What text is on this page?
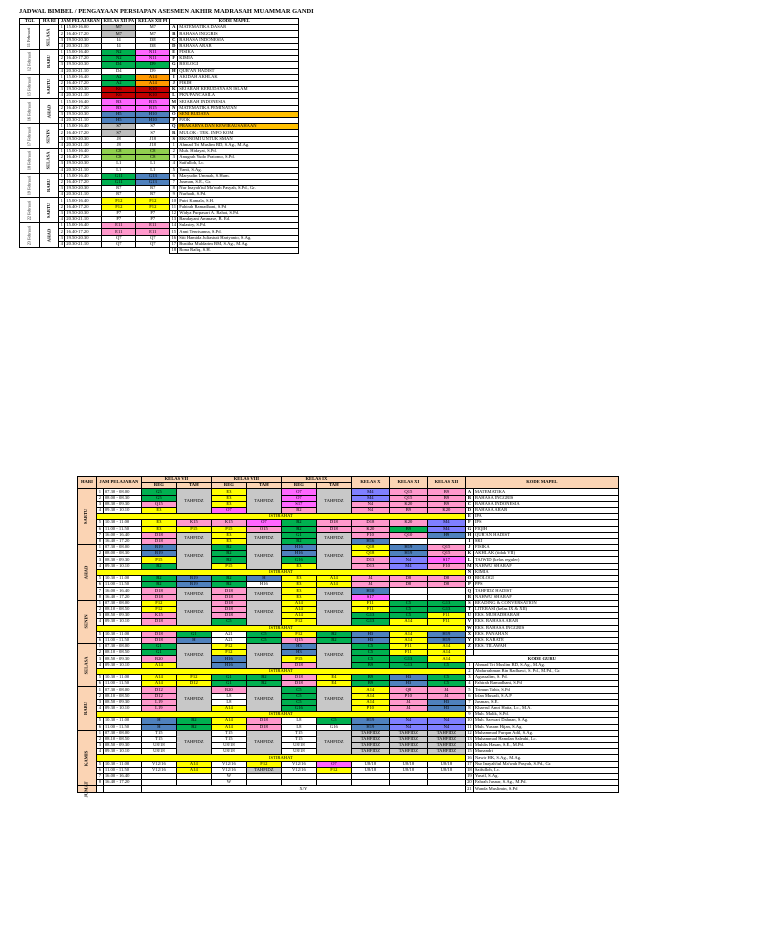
JADWAL BIMBEL / PENGAYAAN PERSIAPAN ASESMEN AKHIR MADRASAH MUAMMAR GANDI
TGL	HA RI	JAM PELAJARAN		KELAS XII PA	KELAS XII PI	KODE MAPEL	
11 Februari	SELASA	1	15.00-16.00	M7	M7	A	MATEMATIKA DASAR
		2	16.40-17.20	M7	M7	B	BAHASA INGGRIS
		3	19.50-20.30	I4	I3E	C	BAHASA INDONESIA
		4	20.30-21.10	I4	I3E	D	BAHASA ARAB
12 Februari	RABU	1	15.00-16.40	N2	N11	E	FISIKA
		2	16.40-17.20	N2	N11	F	KIMIA
		3	19.50-20.30	D4	D9	G	BIOLOGI
		4	20.30-21.10	D4	D9	H	QUR'AN HADIST
15 Februari	SABTU	1	15.00-16.40	A2	A14	I	AKIDAH AKHLAK
		2	16.40-17.20	A2	A14	J	FIKIH
		3	19.50-20.30	K6	K10	K	SEJARAH KEBUDAYAAN ISLAM
		4	20.30-21.10	K6	K10	L	PKN/PANCASILA
16 Februari	AHAD	1	15.00-16.40	B3	B15	M	SEJARAH INDONESIA
		2	16.40-17.20	B3	B15	N	MATEMATIKA PEMINATAN
		3	19.50-20.30	H5	H10	O	SENI BUDAYA
		4	20.30-21.10	H5	H10	P	PJOK
17 Februari	SENIN	1	15.00-16.40	S7	S7	Q	PRAKARYA DAN KEWIRAUSAHAAN
		2	16.40-17.20	S7	S7	R	MULOK : TEK. INFO KOM
		3	19.50-20.30	J8	J18	S	EKONOMI UNTUK SMAN
		4	20.30-21.10	J8	J18	1	Ahmad Tri Muslim BD, S.Ag., M.Ag.
18 Februari	SELASA	1	15.00-16.40	C8	C8	2	Muh. Hidayat, S.Pd.
		2	16.40-17.20	C8	C8	3	Anugrah Yudo Pratomo, S.Pd.
		3	19.50-20.30	L1	L1	4	Saifulloh, Lc.
		4	20.30-21.10	L1	L1	5	Yanti, S.Ag.
19 Februari	RABU	1	15.00-16.40	G11	G13	6	Maryudin Ummah, S.Hum.
		2	16.40-17.20	G11	G13	7	Jusman, S.E., Gr.
		3	19.50-20.30	R7	R7	8	Nur Inayah'tul Ma'wah Pasyah, S.Pd., Gr.
		4	20.30-21.10	R7	R7	9	Nurhadi, S.Pd.
22 Februari	SABTU	1	15.00-16.40	F12	F12	10	Putri Kamala, S.H.
		2	16.40-17.20	F12	F12	11	Fahirah Ramadhani, S.Pd
		3	19.50-20.30	P7	P7	12	Widya Purpasari A. Rahat, S.Pd.
		4	20.30-21.10	P7	P7	13	Bandayani Ammase, B. Ed.
23 Februari	AHAD	1	15.00-16.40	E11	E11	14	Sulastry, S.Pd.
		2	16.40-17.20	E11	E11	15	Anni Tenrisanna, S.Pd.
		3	19.50-20.30	Q7	Q7	16	Siti Hamida Juliastuti Hariyanto, S.Ag.
		4	20.30-21.10	Q7	Q7	17	Bustiha Muldarim BM, S.Ag., M.Ag.
						18	Rona Rafiq, S.H.
HARI	JAM PELAJARAN		KELAS VII		KELAS VIII		KELAS IX		KELAS X	KELAS XI	KELAS XII	KODE MAPEL	
			REG	TAH	REG	TAH	REG	TAH					
SABTU	1	07.30 - 08.00	G5	TAHFIDZ	E3	TAHFIDZ	O7	TAHFIDZ	M4	Q15	B9	A	MATEMATIKA
	2	08.00 - 08.30	G5		E3		O7		M4	Q15	B9	B	BAHASA INGGRIS
	3	08.30 - 09.30	Q15		E3		S17		N4	K20	B9	C	BAHASA INDONESIA
	4	09.30 - 10.10	E3		O7		B2		N4	B9	K20	D	BAHASA ARAB
	ISTIRAHAT											E	IPA
	5	10.30 - 11.00	E3	K15	K15	O7	B2	D18	D18	K20	M4	F	IPS
	6	11.00 - 11.50	E3	P15	P15	O15	B2	D18	K20	B9	M4	G	FIQIH
	7	16.00 - 16.40	D18	TAHFIDZ	E3	TAHFIDZ	G1	TAHFIDZ	F10	Q10	H9	H	QUR'AN HADIST
	8	16.40 - 17.20	D18		E3		B2		H16			I	SKI
AHAD	1	07.30 - 08.00	B19	TAHFIDZ	B2	TAHFIDZ	H16	TAHFIDZ	Q18	H19	Q15	J	FISIKA
	2	08.00 - 08.30	B19		B2		H16		Q18	H19	Q15	K	AKHLAK (tidak VII)
	3	08.30 - 09.30	P15		B2		G16		D13	N4	S17	L	TAJWID (kelas reguler)
	4	09.30 - 10.10	B2		P15		E3		D13	M4	F10	M	NAHWU SHARAF
	ISTIRAHAT											N	KIMIA
	5	10.30 - 11.00	B2	B19	B2	H	E3	A14	J4	D8	D8	O	BIOLOGI
	6	11.00 - 11.50	B2	B19	B2	H16	E3	A14	J4	D8	D8	P	PPS
	7	16.00 - 16.40	D18	TAHFIDZ	D18	TAHFIDZ	E3	TAHFIDZ	H10			Q	TAHFIDZ HADIST
	8	16.40 - 17.20	D18		D18		E3		S17			R	NAHWU SHARAF
SENIN	1	07.30 - 08.00	F12	TAHFIDZ	D18	TAHFIDZ	A14	TAHFIDZ	F11	C5	G13	S	READING & CONVERSATION
	2	08.10 - 08.50	F12		D18		A14		F11	C5	G13	T	LITERASI (kelas IX & XII)
	3	08.50 - 09.30	K15		D18		A14		G13	C5	F11	U	EKS. MUHADHARAH
	4	09.30 - 10.10	D18		C5		F12		G13	A14	F11	V	EKS. BAHASA ARAB
	ISTIRAHAT											W	EKS. BAHASA INGGRIS
	5	10.30 - 11.00	D18	G1	A21	C5	F12	B2	H3	A14	H19	X	EKS. PANAHAN
	6	11.00 - 11.50	D18	H	A21	C5	Q15	B2	H3	A14	H19	Y	EKS. KARATE
SELASA	1	07.30 - 08.00	G1	TAHFIDZ	F12	TAHFIDZ	H3	TAHFIDZ	C5	F11	A14	Z	EKS. TILAWAH
	2	08.10 - 08.50	G1		F12		H3		C5	F11	A14		
	3	08.50 - 09.30	B20		H16		P15		C5	G13	A14	KODE GURU	
	4	09.30 - 10.10	A14		H16		D18		B9	G13	C5	1	Ahmad Tri Muslim BD, S.Ag., M.Ag.
	ISTIRAHAT											2	Abdurrahman Bin Radhawi, S. Pd., M.Pd., Gr.
	5	10.30 - 11.00	A14	F12	G1	B2	D18	E4	B9	H3	C5	3	Agussalim, S. Pd.
	6	11.00 - 11.50	A14	D12	G1	B2	D18	E4	B9	H3	C5	4	Fahirah Ramadhani, S.Pd
RABU	1	07.30 - 08.00	D12	TAHFIDZ	B20	TAHFIDZ	C5	TAHFIDZ	A14	Q8	J4	5	Trimun Tahir, S.Pd
	2	08.10 - 08.50	D12		L8		C5		A14	P10	J4	6	Irfan Musadi, S.A.P
	3	08.50 - 09.30	L19		L8		C5		A14	J4	H3	7	Jusman, S.E.
	4	09.30 - 10.10	L19		A14		G16		P10	J4	H3	8	Khaerul Amri Hatta, Lc., M.A.
	ISTIRAHAT											9	Muh. Malik, S.Pd.
	5	10.30 - 11.00	H	B2	A14	D18	L8	C5	H19	N4	N4	10	Muh. Sarwari Dahnan, S.Ag.
	6	11.00 - 11.50	H	B2	A14	D18	L8	G16	H19	N4	N4	11	Muh. Yusran Hijan, S.Ag.
KAMIS	1	07.30 - 08.00	T15	TAHFIDZ	T15	TAHFIDZ	T15	TAHFIDZ	TAHFIDZ	TAHFIDZ	TAHFIDZ	12	Muhammad Furqan Adil, S.Ag.
	2	08.10 - 08.50	T15		T15		T15		TAHFIDZ	TAHFIDZ	TAHFIDZ	13	Muhammad Hamdan Saleahi, Lc.
	3	08.50 - 09.30	U8/18		U8/18		U8/18		TAHFIDZ	TAHFIDZ	TAHFIDZ	14	Muhlis Hasan, S.E., M.Pd.
	4	09.30 - 10.10	U8/18		U8/18		U8/18		TAHFIDZ	TAHFIDZ	TAHFIDZ	15	Munandri
	ISTIRAHAT											16	Nawir HK, S.Ag., M.Ag.
	5	10.30 - 11.00	V12/16	A14	V12/16	F12	V12/16	O7	U8/18	U8/18	U8/18	17	Nur Inayah'tul Ma'wah Pasyah, S.Pd., Gr.
	6	11.00 - 11.50	V12/16	A14	V12/16	TAHFIDZ	V12/16	F12	U8/18	U8/18	U8/18	18	Saifulloh, Lc.
	7	16.00 - 16.40			W							19	Yusril, S.Ag.
	8	16.40 - 17.20			W							20	Fahrah Jusnar, S.Ag., M.Pd.
JUMAT			X/Y									21	Wanda Muslimin, S.Pd
